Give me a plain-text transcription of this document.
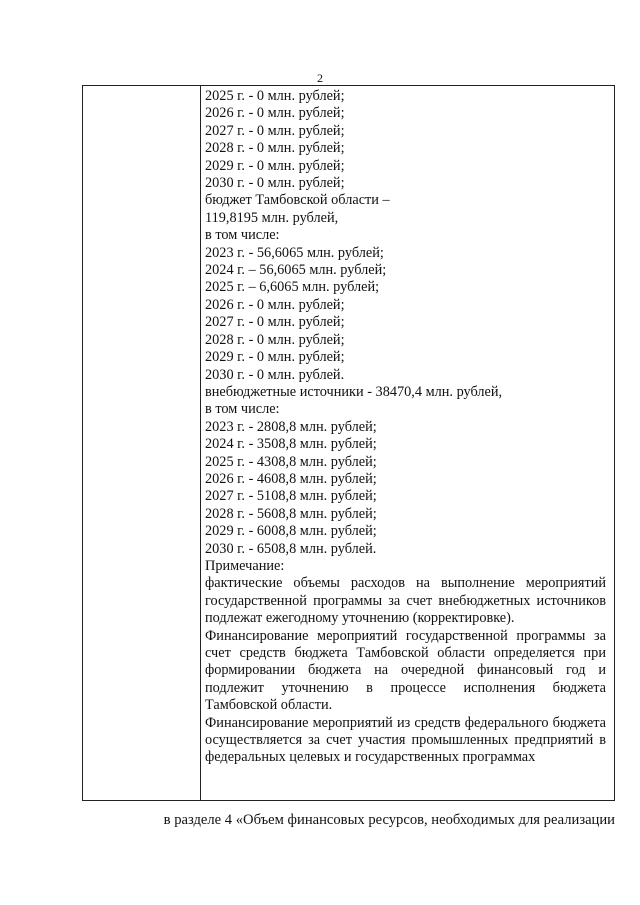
2
2025 г. - 0 млн. рублей;
2026 г. - 0 млн. рублей;
2027 г. - 0 млн. рублей;
2028 г. - 0 млн. рублей;
2029 г. - 0 млн. рублей;
2030 г. - 0 млн. рублей;
бюджет Тамбовской области –
119,8195 млн. рублей,
в том числе:
2023 г. - 56,6065 млн. рублей;
2024 г. – 56,6065 млн. рублей;
2025 г. – 6,6065 млн. рублей;
2026 г. - 0 млн. рублей;
2027 г. - 0 млн. рублей;
2028 г. - 0 млн. рублей;
2029 г. - 0 млн. рублей;
2030 г. - 0 млн. рублей.
внебюджетные источники - 38470,4 млн. рублей,
в том числе:
2023 г. - 2808,8 млн. рублей;
2024 г. - 3508,8 млн. рублей;
2025 г. - 4308,8 млн. рублей;
2026 г. - 4608,8 млн. рублей;
2027 г. - 5108,8 млн. рублей;
2028 г. - 5608,8 млн. рублей;
2029 г. - 6008,8 млн. рублей;
2030 г. - 6508,8 млн. рублей.
Примечание:

фактические объемы расходов на выполнение мероприятий государственной программы за счет внебюджетных источников подлежат ежегодному уточнению (корректировке).

Финансирование мероприятий государственной программы за счет средств бюджета Тамбовской области определяется при формировании бюджета на очередной финансовый год и подлежит уточнению в процессе исполнения бюджета Тамбовской области.

Финансирование мероприятий из средств федерального бюджета осуществляется за счет участия промышленных предприятий в федеральных целевых и государственных программах

в разделе 4 «Объем финансовых ресурсов, необходимых для реализации
